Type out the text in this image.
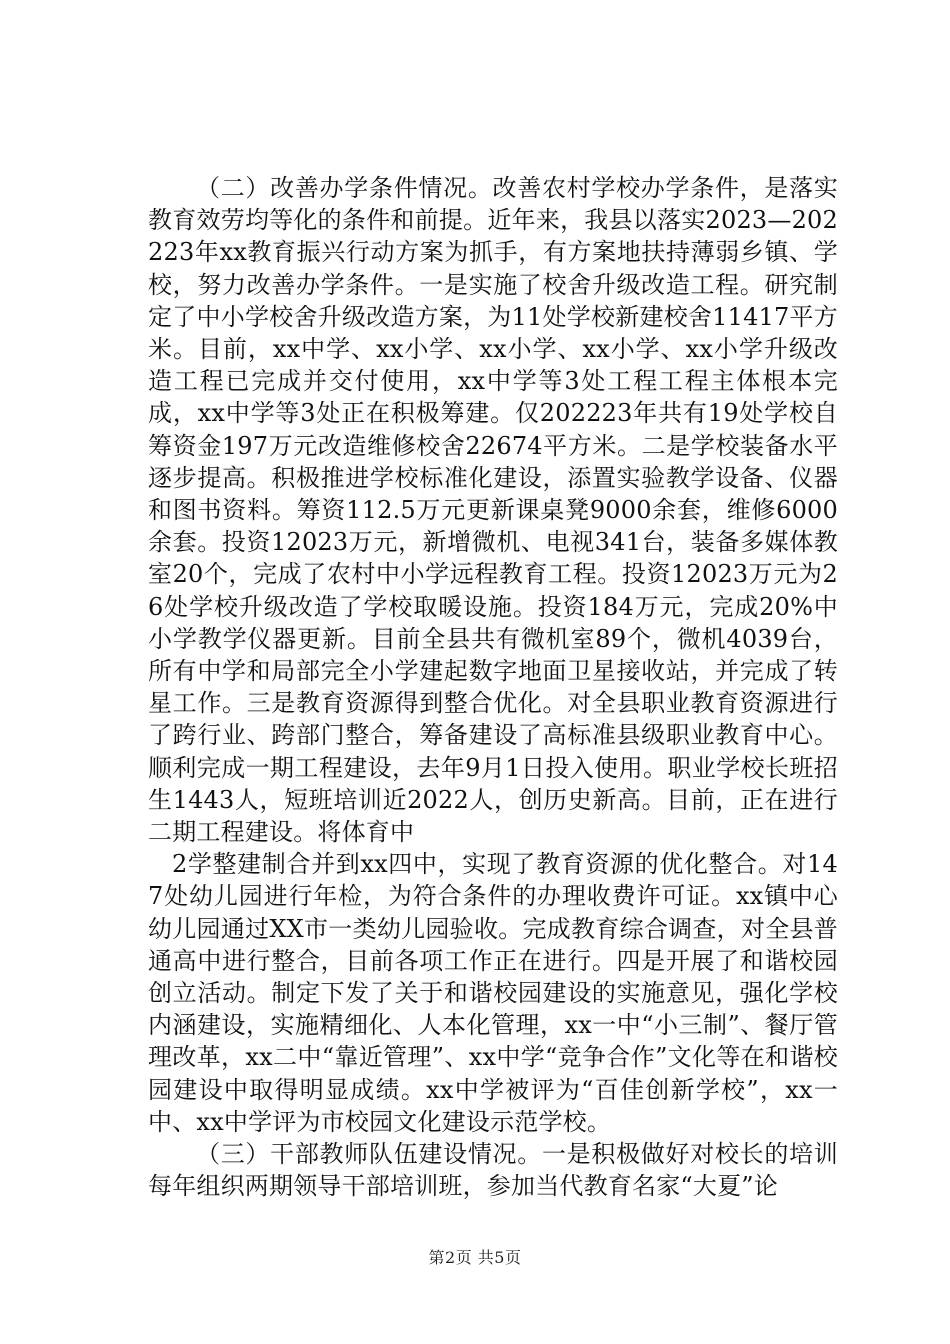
（二）改善办学条件情况。改善农村学校办学条件，是落实教育效劳均等化的条件和前提。近年来，我县以落实2023—202223年xx教育振兴行动方案为抓手，有方案地扶持薄弱乡镇、学校，努力改善办学条件。一是实施了校舍升级改造工程。研究制定了中小学校舍升级改造方案，为11处学校新建校舍11417平方米。目前，xx中学、xx小学、xx小学、xx小学、xx小学升级改造工程已完成并交付使用，xx中学等3处工程工程主体根本完成，xx中学等3处正在积极筹建。仅202223年共有19处学校自筹资金197万元改造维修校舍22674平方米。二是学校装备水平逐步提高。积极推进学校标准化建设，添置实验教学设备、仪器和图书资料。筹资112.5万元更新课桌凳9000余套，维修6000余套。投资12023万元，新增微机、电视341台，装备多媒体教室20个，完成了农村中小学远程教育工程。投资12023万元为26处学校升级改造了学校取暖设施。投资184万元，完成20%中小学教学仪器更新。目前全县共有微机室89个，微机4039台，所有中学和局部完全小学建起数字地面卫星接收站，并完成了转星工作。三是教育资源得到整合优化。对全县职业教育资源进行了跨行业、跨部门整合，筹备建设了高标准县级职业教育中心。顺利完成一期工程建设，去年9月1日投入使用。职业学校长班招生1443人，短班培训近2022人，创历史新高。目前，正在进行二期工程建设。将体育中

2学整建制合并到xx四中，实现了教育资源的优化整合。对147处幼儿园进行年检，为符合条件的办理收费许可证。xx镇中心幼儿园通过XX市一类幼儿园验收。完成教育综合调查，对全县普通高中进行整合，目前各项工作正在进行。四是开展了和谐校园创立活动。制定下发了关于和谐校园建设的实施意见，强化学校内涵建设，实施精细化、人本化管理，xx一中“小三制”、餐厅管理改革，xx二中“靠近管理”、xx中学“竞争合作”文化等在和谐校园建设中取得明显成绩。xx中学被评为“百佳创新学校”，xx一中、xx中学评为市校园文化建设示范学校。

（三）干部教师队伍建设情况。一是积极做好对校长的培训每年组织两期领导干部培训班，参加当代教育名家“大夏”论

第2页 共5页
